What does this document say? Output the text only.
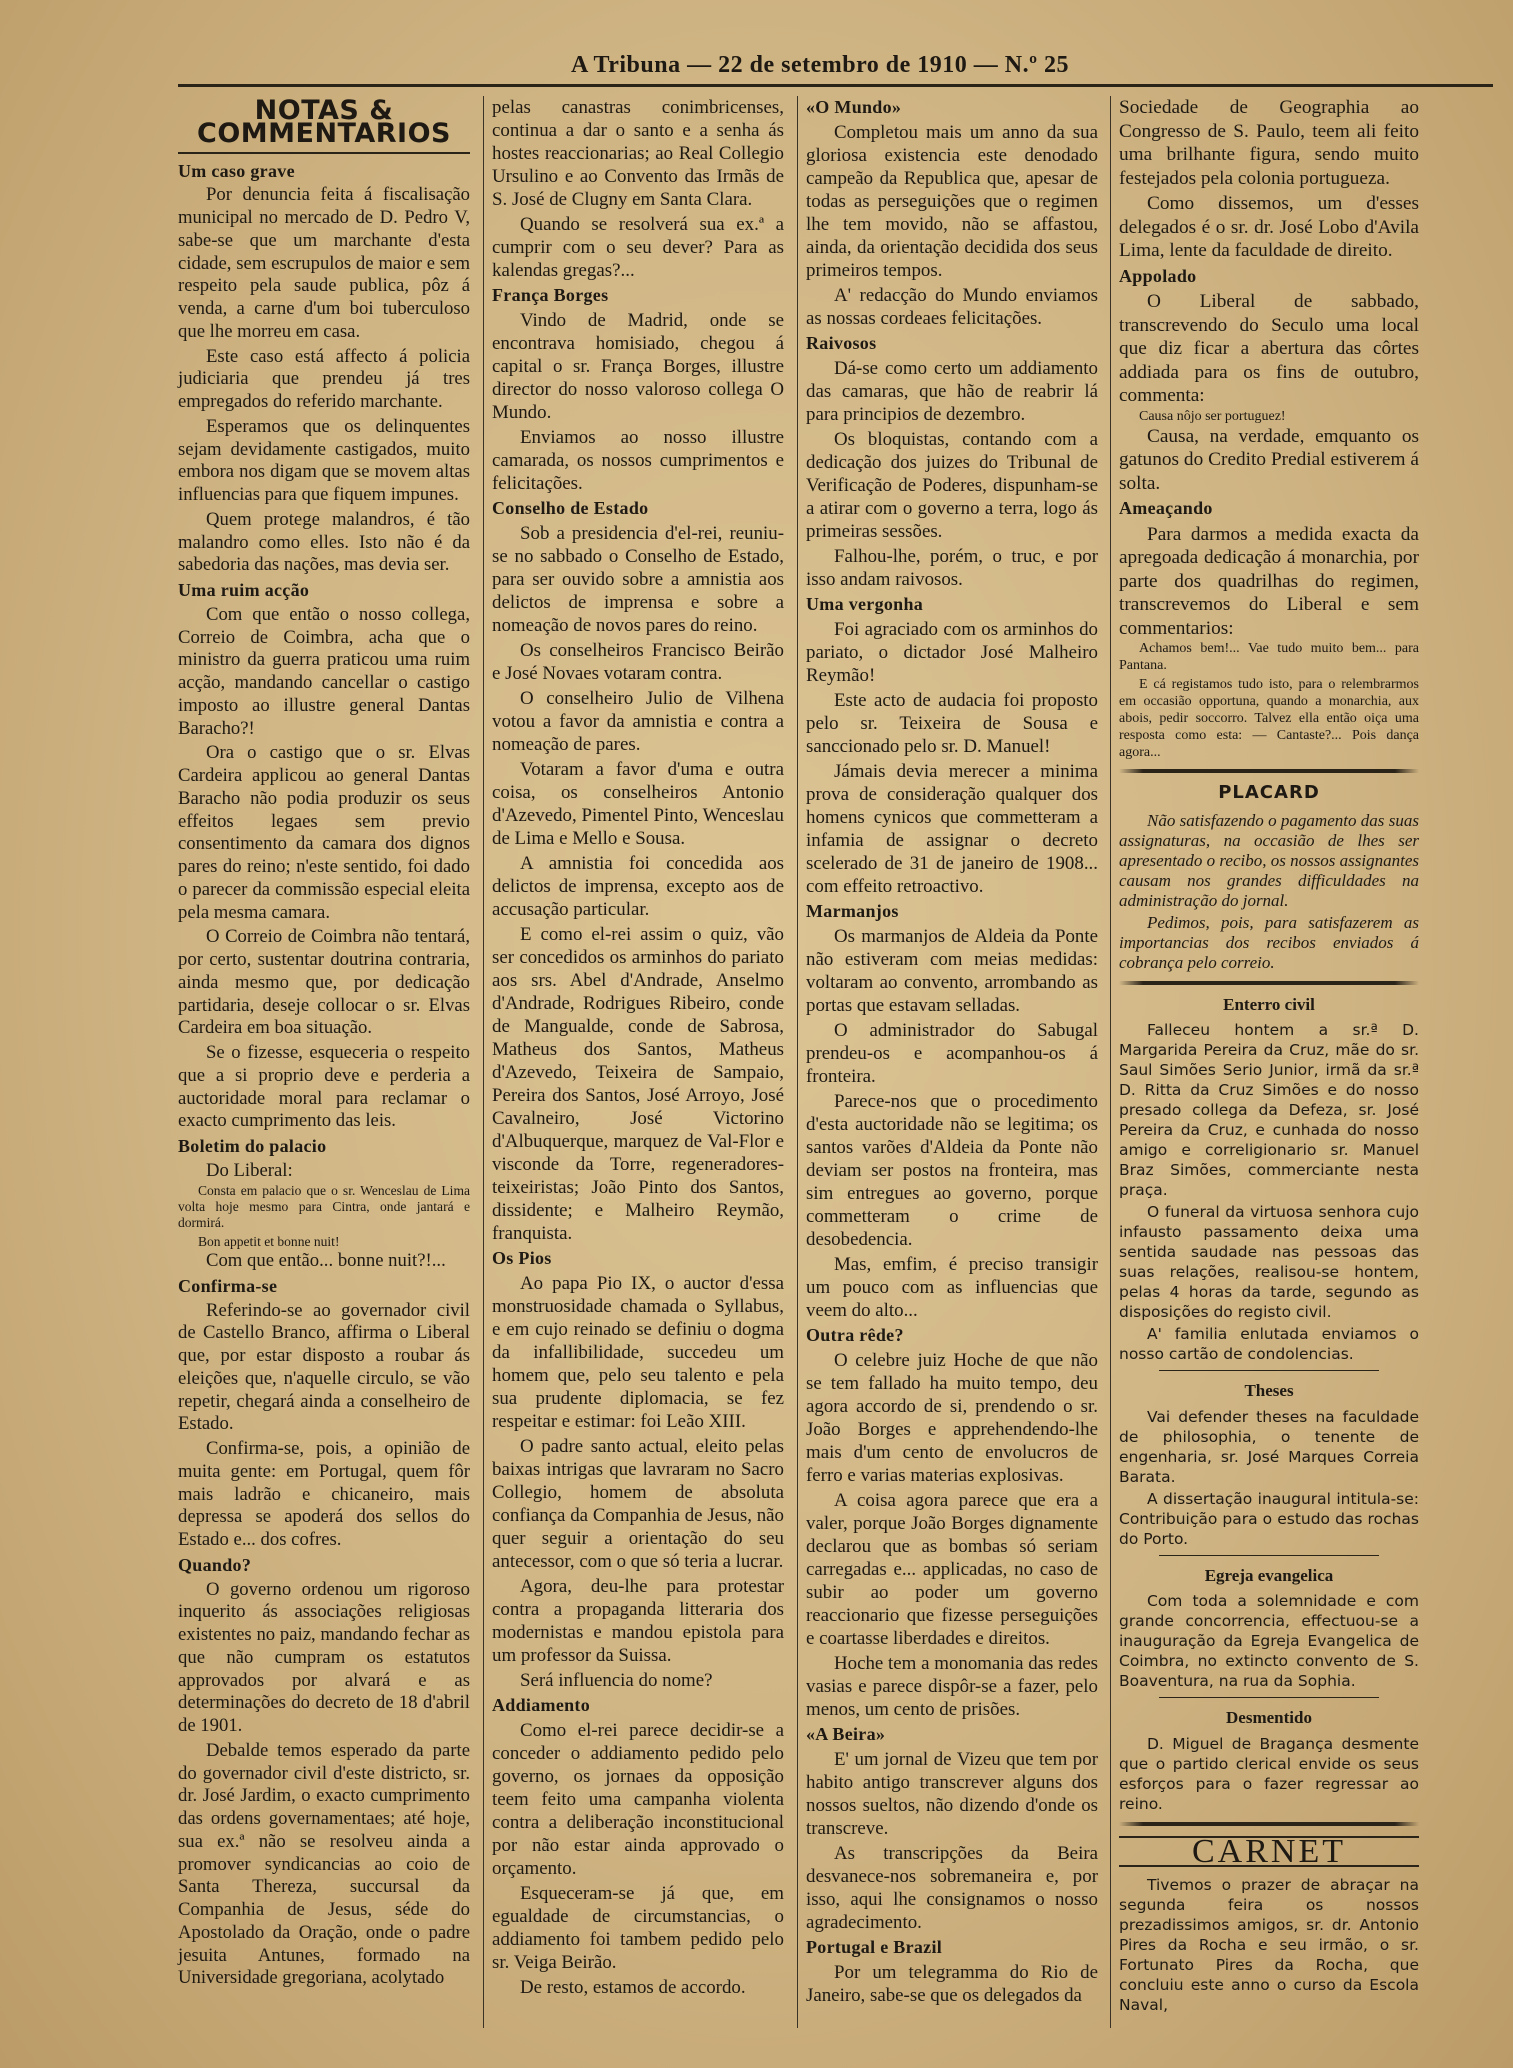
A Tribuna — 22 de setembro de 1910 — N.º 25
NOTAS & COMMENTARIOS

Um caso grave

Por denuncia feita á fiscalisação municipal no mercado de D. Pedro V, sabe-se que um marchante d'esta cidade, sem escrupulos de maior e sem respeito pela saude publica, pôz á venda, a carne d'um boi tuberculoso que lhe morreu em casa.

Este caso está affecto á policia judiciaria que prendeu já tres empregados do referido marchante.

Esperamos que os delinquentes sejam devidamente castigados, muito embora nos digam que se movem altas influencias para que fiquem impunes.

Quem protege malandros, é tão malandro como elles. Isto não é da sabedoria das nações, mas devia ser.

Uma ruim acção

Com que então o nosso collega, Correio de Coimbra, acha que o ministro da guerra praticou uma ruim acção, mandando cancellar o castigo imposto ao illustre general Dantas Baracho?!

Ora o castigo que o sr. Elvas Cardeira applicou ao general Dantas Baracho não podia produzir os seus effeitos legaes sem previo consentimento da camara dos dignos pares do reino; n'este sentido, foi dado o parecer da commissão especial eleita pela mesma camara.

O Correio de Coimbra não tentará, por certo, sustentar doutrina contraria, ainda mesmo que, por dedicação partidaria, deseje collocar o sr. Elvas Cardeira em boa situação.

Se o fizesse, esqueceria o respeito que a si proprio deve e perderia a auctoridade moral para reclamar o exacto cumprimento das leis.

Boletim do palacio

Do Liberal:

Consta em palacio que o sr. Wenceslau de Lima volta hoje mesmo para Cintra, onde jantará e dormirá.

Bon appetit et bonne nuit!

Com que então... bonne nuit?!...

Confirma-se

Referindo-se ao governador civil de Castello Branco, affirma o Liberal que, por estar disposto a roubar ás eleições que, n'aquelle circulo, se vão repetir, chegará ainda a conselheiro de Estado.

Confirma-se, pois, a opinião de muita gente: em Portugal, quem fôr mais ladrão e chicaneiro, mais depressa se apoderá dos sellos do Estado e... dos cofres.

Quando?

O governo ordenou um rigoroso inquerito ás associações religiosas existentes no paiz, mandando fechar as que não cumpram os estatutos approvados por alvará e as determinações do decreto de 18 d'abril de 1901.

Debalde temos esperado da parte do governador civil d'este districto, sr. dr. José Jardim, o exacto cumprimento das ordens governamentaes; até hoje, sua ex.ª não se resolveu ainda a promover syndicancias ao coio de Santa Thereza, succursal da Companhia de Jesus, séde do Apostolado da Oração, onde o padre jesuita Antunes, formado na Universidade gregoriana, acolytado

pelas canastras conimbricenses, continua a dar o santo e a senha ás hostes reaccionarias; ao Real Collegio Ursulino e ao Convento das Irmãs de S. José de Clugny em Santa Clara.

Quando se resolverá sua ex.ª a cumprir com o seu dever? Para as kalendas gregas?...

França Borges

Vindo de Madrid, onde se encontrava homisiado, chegou á capital o sr. França Borges, illustre director do nosso valoroso collega O Mundo.

Enviamos ao nosso illustre camarada, os nossos cumprimentos e felicitações.

Conselho de Estado

Sob a presidencia d'el-rei, reuniu-se no sabbado o Conselho de Estado, para ser ouvido sobre a amnistia aos delictos de imprensa e sobre a nomeação de novos pares do reino.

Os conselheiros Francisco Beirão e José Novaes votaram contra.

O conselheiro Julio de Vilhena votou a favor da amnistia e contra a nomeação de pares.

Votaram a favor d'uma e outra coisa, os conselheiros Antonio d'Azevedo, Pimentel Pinto, Wenceslau de Lima e Mello e Sousa.

A amnistia foi concedida aos delictos de imprensa, excepto aos de accusação particular.

E como el-rei assim o quiz, vão ser concedidos os arminhos do pariato aos srs. Abel d'Andrade, Anselmo d'Andrade, Rodrigues Ribeiro, conde de Mangualde, conde de Sabrosa, Matheus dos Santos, Matheus d'Azevedo, Teixeira de Sampaio, Pereira dos Santos, José Arroyo, José Cavalneiro, José Victorino d'Albuquerque, marquez de Val-Flor e visconde da Torre, regeneradores-teixeiristas; João Pinto dos Santos, dissidente; e Malheiro Reymão, franquista.

Os Pios

Ao papa Pio IX, o auctor d'essa monstruosidade chamada o Syllabus, e em cujo reinado se definiu o dogma da infallibilidade, succedeu um homem que, pelo seu talento e pela sua prudente diplomacia, se fez respeitar e estimar: foi Leão XIII.

O padre santo actual, eleito pelas baixas intrigas que lavraram no Sacro Collegio, homem de absoluta confiança da Companhia de Jesus, não quer seguir a orientação do seu antecessor, com o que só teria a lucrar.

Agora, deu-lhe para protestar contra a propaganda litteraria dos modernistas e mandou epistola para um professor da Suissa.

Será influencia do nome?

Addiamento

Como el-rei parece decidir-se a conceder o addiamento pedido pelo governo, os jornaes da opposição teem feito uma campanha violenta contra a deliberação inconstitucional por não estar ainda approvado o orçamento.

Esqueceram-se já que, em egualdade de circumstancias, o addiamento foi tambem pedido pelo sr. Veiga Beirão.

De resto, estamos de accordo.

«O Mundo»

Completou mais um anno da sua gloriosa existencia este denodado campeão da Republica que, apesar de todas as perseguições que o regimen lhe tem movido, não se affastou, ainda, da orientação decidida dos seus primeiros tempos.

A' redacção do Mundo enviamos as nossas cordeaes felicitações.

Raivosos

Dá-se como certo um addiamento das camaras, que hão de reabrir lá para principios de dezembro.

Os bloquistas, contando com a dedicação dos juizes do Tribunal de Verificação de Poderes, dispunham-se a atirar com o governo a terra, logo ás primeiras sessões.

Falhou-lhe, porém, o truc, e por isso andam raivosos.

Uma vergonha

Foi agraciado com os arminhos do pariato, o dictador José Malheiro Reymão!

Este acto de audacia foi proposto pelo sr. Teixeira de Sousa e sanccionado pelo sr. D. Manuel!

Jámais devia merecer a minima prova de consideração qualquer dos homens cynicos que commetteram a infamia de assignar o decreto scelerado de 31 de janeiro de 1908... com effeito retroactivo.

Marmanjos

Os marmanjos de Aldeia da Ponte não estiveram com meias medidas: voltaram ao convento, arrombando as portas que estavam selladas.

O administrador do Sabugal prendeu-os e acompanhou-os á fronteira.

Parece-nos que o procedimento d'esta auctoridade não se legitima; os santos varões d'Aldeia da Ponte não deviam ser postos na fronteira, mas sim entregues ao governo, porque commetteram o crime de desobedencia.

Mas, emfim, é preciso transigir um pouco com as influencias que veem do alto...

Outra rêde?

O celebre juiz Hoche de que não se tem fallado ha muito tempo, deu agora accordo de si, prendendo o sr. João Borges e apprehendendo-lhe mais d'um cento de envolucros de ferro e varias materias explosivas.

A coisa agora parece que era a valer, porque João Borges dignamente declarou que as bombas só seriam carregadas e... applicadas, no caso de subir ao poder um governo reaccionario que fizesse perseguições e coartasse liberdades e direitos.

Hoche tem a monomania das redes vasias e parece dispôr-se a fazer, pelo menos, um cento de prisões.

«A Beira»

E' um jornal de Vizeu que tem por habito antigo transcrever alguns dos nossos sueltos, não dizendo d'onde os transcreve.

As transcripções da Beira desvanece-nos sobremaneira e, por isso, aqui lhe consignamos o nosso agradecimento.

Portugal e Brazil

Por um telegramma do Rio de Janeiro, sabe-se que os delegados da

Sociedade de Geographia ao Congresso de S. Paulo, teem ali feito uma brilhante figura, sendo muito festejados pela colonia portugueza.

Como dissemos, um d'esses delegados é o sr. dr. José Lobo d'Avila Lima, lente da faculdade de direito.

Appolado

O Liberal de sabbado, transcrevendo do Seculo uma local que diz ficar a abertura das côrtes addiada para os fins de outubro, commenta:

Causa nôjo ser portuguez!

Causa, na verdade, emquanto os gatunos do Credito Predial estiverem á solta.

Ameaçando

Para darmos a medida exacta da apregoada dedicação á monarchia, por parte dos quadrilhas do regimen, transcrevemos do Liberal e sem commentarios:

Achamos bem!... Vae tudo muito bem... para Pantana.

E cá registamos tudo isto, para o relembrarmos em occasião opportuna, quando a monarchia, aux abois, pedir soccorro. Talvez ella então oiça uma resposta como esta: — Cantaste?... Pois dança agora...

PLACARD

Não satisfazendo o pagamento das suas assignaturas, na occasião de lhes ser apresentado o recibo, os nossos assignantes causam nos grandes difficuldades na administração do jornal.

Pedimos, pois, para satisfazerem as importancias dos recibos enviados á cobrança pelo correio.

Enterro civil

Falleceu hontem a sr.ª D. Margarida Pereira da Cruz, mãe do sr. Saul Simões Serio Junior, irmã da sr.ª D. Ritta da Cruz Simões e do nosso presado collega da Defeza, sr. José Pereira da Cruz, e cunhada do nosso amigo e correligionario sr. Manuel Braz Simões, commerciante nesta praça.

O funeral da virtuosa senhora cujo infausto passamento deixa uma sentida saudade nas pessoas das suas relações, realisou-se hontem, pelas 4 horas da tarde, segundo as disposições do registo civil.

A' familia enlutada enviamos o nosso cartão de condolencias.

Theses

Vai defender theses na faculdade de philosophia, o tenente de engenharia, sr. José Marques Correia Barata.

A dissertação inaugural intitula-se: Contribuição para o estudo das rochas do Porto.

Egreja evangelica

Com toda a solemnidade e com grande concorrencia, effectuou-se a inauguração da Egreja Evangelica de Coimbra, no extincto convento de S. Boaventura, na rua da Sophia.

Desmentido

D. Miguel de Bragança desmente que o partido clerical envide os seus esforços para o fazer regressar ao reino.

CARNET

Tivemos o prazer de abraçar na segunda feira os nossos prezadissimos amigos, sr. dr. Antonio Pires da Rocha e seu irmão, o sr. Fortunato Pires da Rocha, que concluiu este anno o curso da Escola Naval,
